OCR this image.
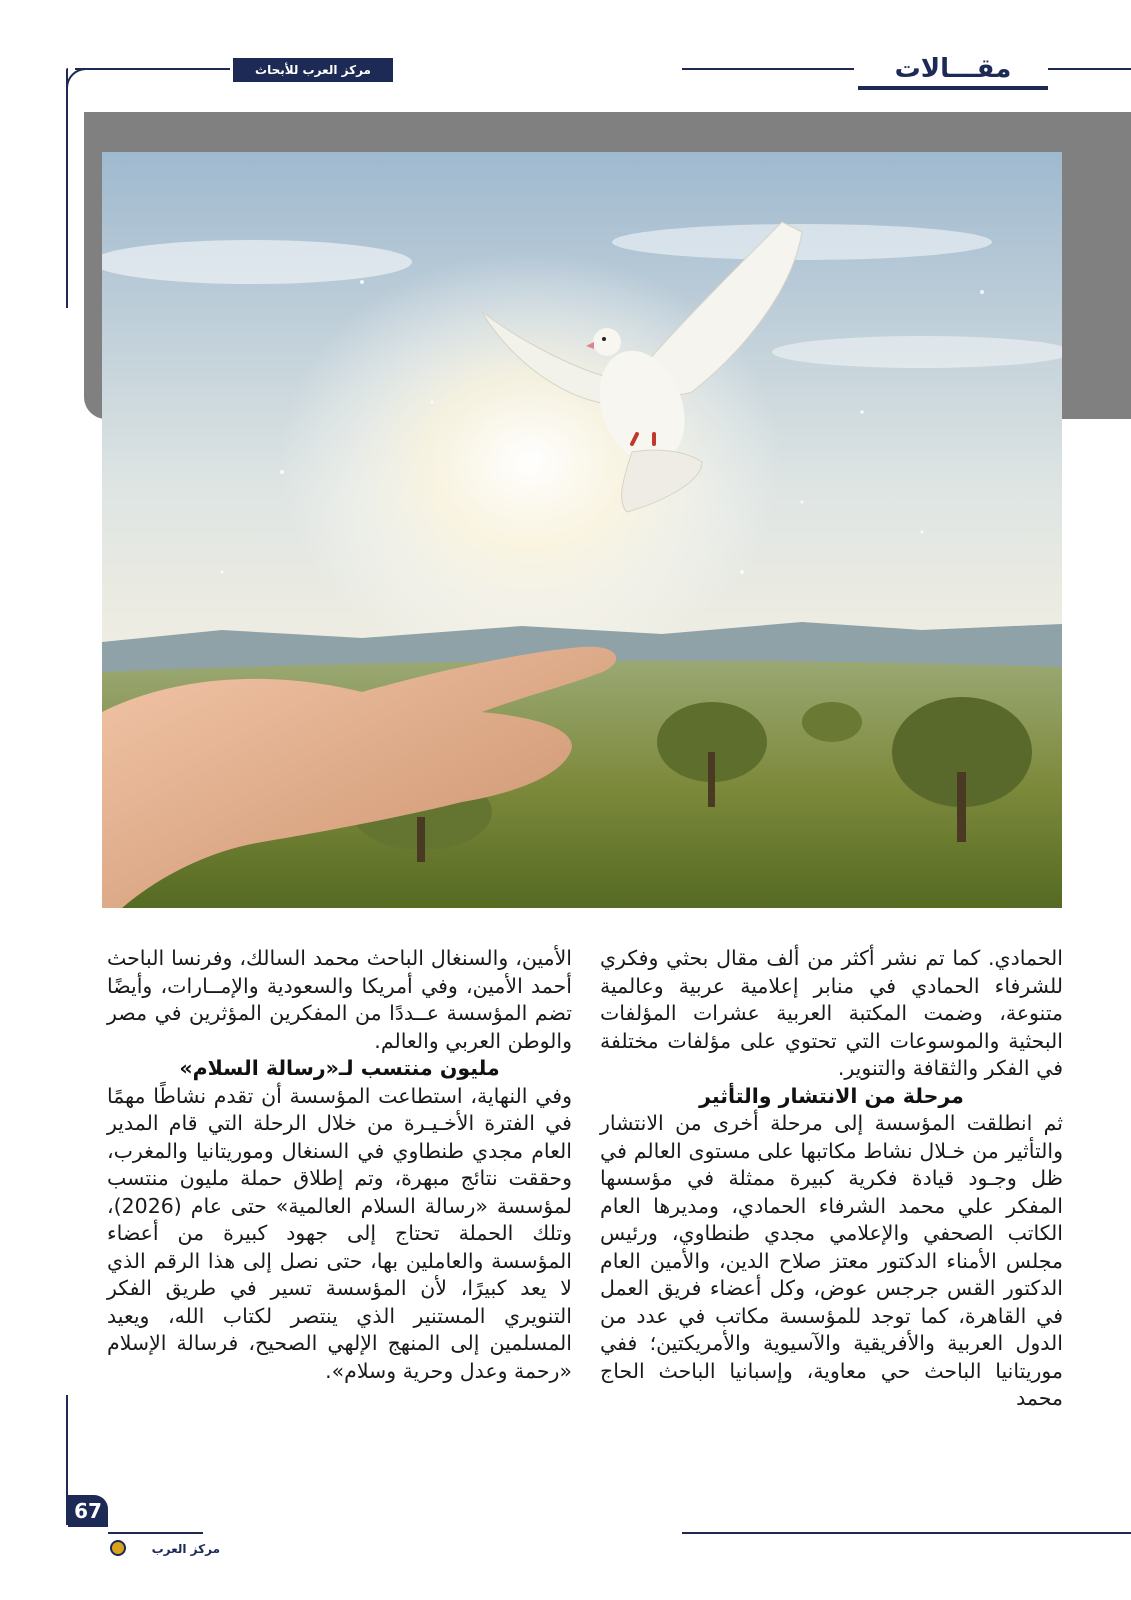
مركز العرب للأبحاث	مقـــالات

الحمادي. كما تم نشر أكثر من ألف مقال بحثي وفكري للشرفاء الحمادي في منابر إعلامية عربية وعالمية متنوعة، وضمت المكتبة العربية عشرات المؤلفات البحثية والموسوعات التي تحتوي على مؤلفات مختلفة في الفكر والثقافة والتنوير.

مرحلة من الانتشار والتأثير

ثم انطلقت المؤسسة إلى مرحلة أخرى من الانتشار والتأثير من خـلال نشاط مكاتبها على مستوى العالم في ظل وجـود قيادة فكرية كبيرة ممثلة في مؤسسها المفكر علي محمد الشرفاء الحمادي، ومديرها العام الكاتب الصحفي والإعلامي مجدي طنطاوي، ورئيس مجلس الأمناء الدكتور معتز صلاح الدين، والأمين العام الدكتور القس جرجس عوض، وكل أعضاء فريق العمل في القاهرة، كما توجد للمؤسسة مكاتب في عدد من الدول العربية والأفريقية والآسيوية والأمريكتين؛ ففي موريتانيا الباحث حي معاوية، وإسبانيا الباحث الحاج محمد

الأمين، والسنغال الباحث محمد السالك، وفرنسا الباحث أحمد الأمين، وفي أمريكا والسعودية والإمــارات، وأيضًا تضم المؤسسة عــددًا من المفكرين المؤثرين في مصر والوطن العربي والعالم.

مليون منتسب لـ«رسالة السلام»

وفي النهاية، استطاعت المؤسسة أن تقدم نشاطًا مهمًا في الفترة الأخـيـرة من خلال الرحلة التي قام المدير العام مجدي طنطاوي في السنغال وموريتانيا والمغرب، وحققت نتائج مبهرة، وتم إطلاق حملة مليون منتسب لمؤسسة «رسالة السلام العالمية» حتى عام (2026)، وتلك الحملة تحتاج إلى جهود كبيرة من أعضاء المؤسسة والعاملين بها، حتى نصل إلى هذا الرقم الذي لا يعد كبيرًا، لأن المؤسسة تسير في طريق الفكر التنويري المستنير الذي ينتصر لكتاب الله، ويعيد المسلمين إلى المنهج الإلهي الصحيح، فرسالة الإسلام «رحمة وعدل وحرية وسلام».

67
مركز العرب
